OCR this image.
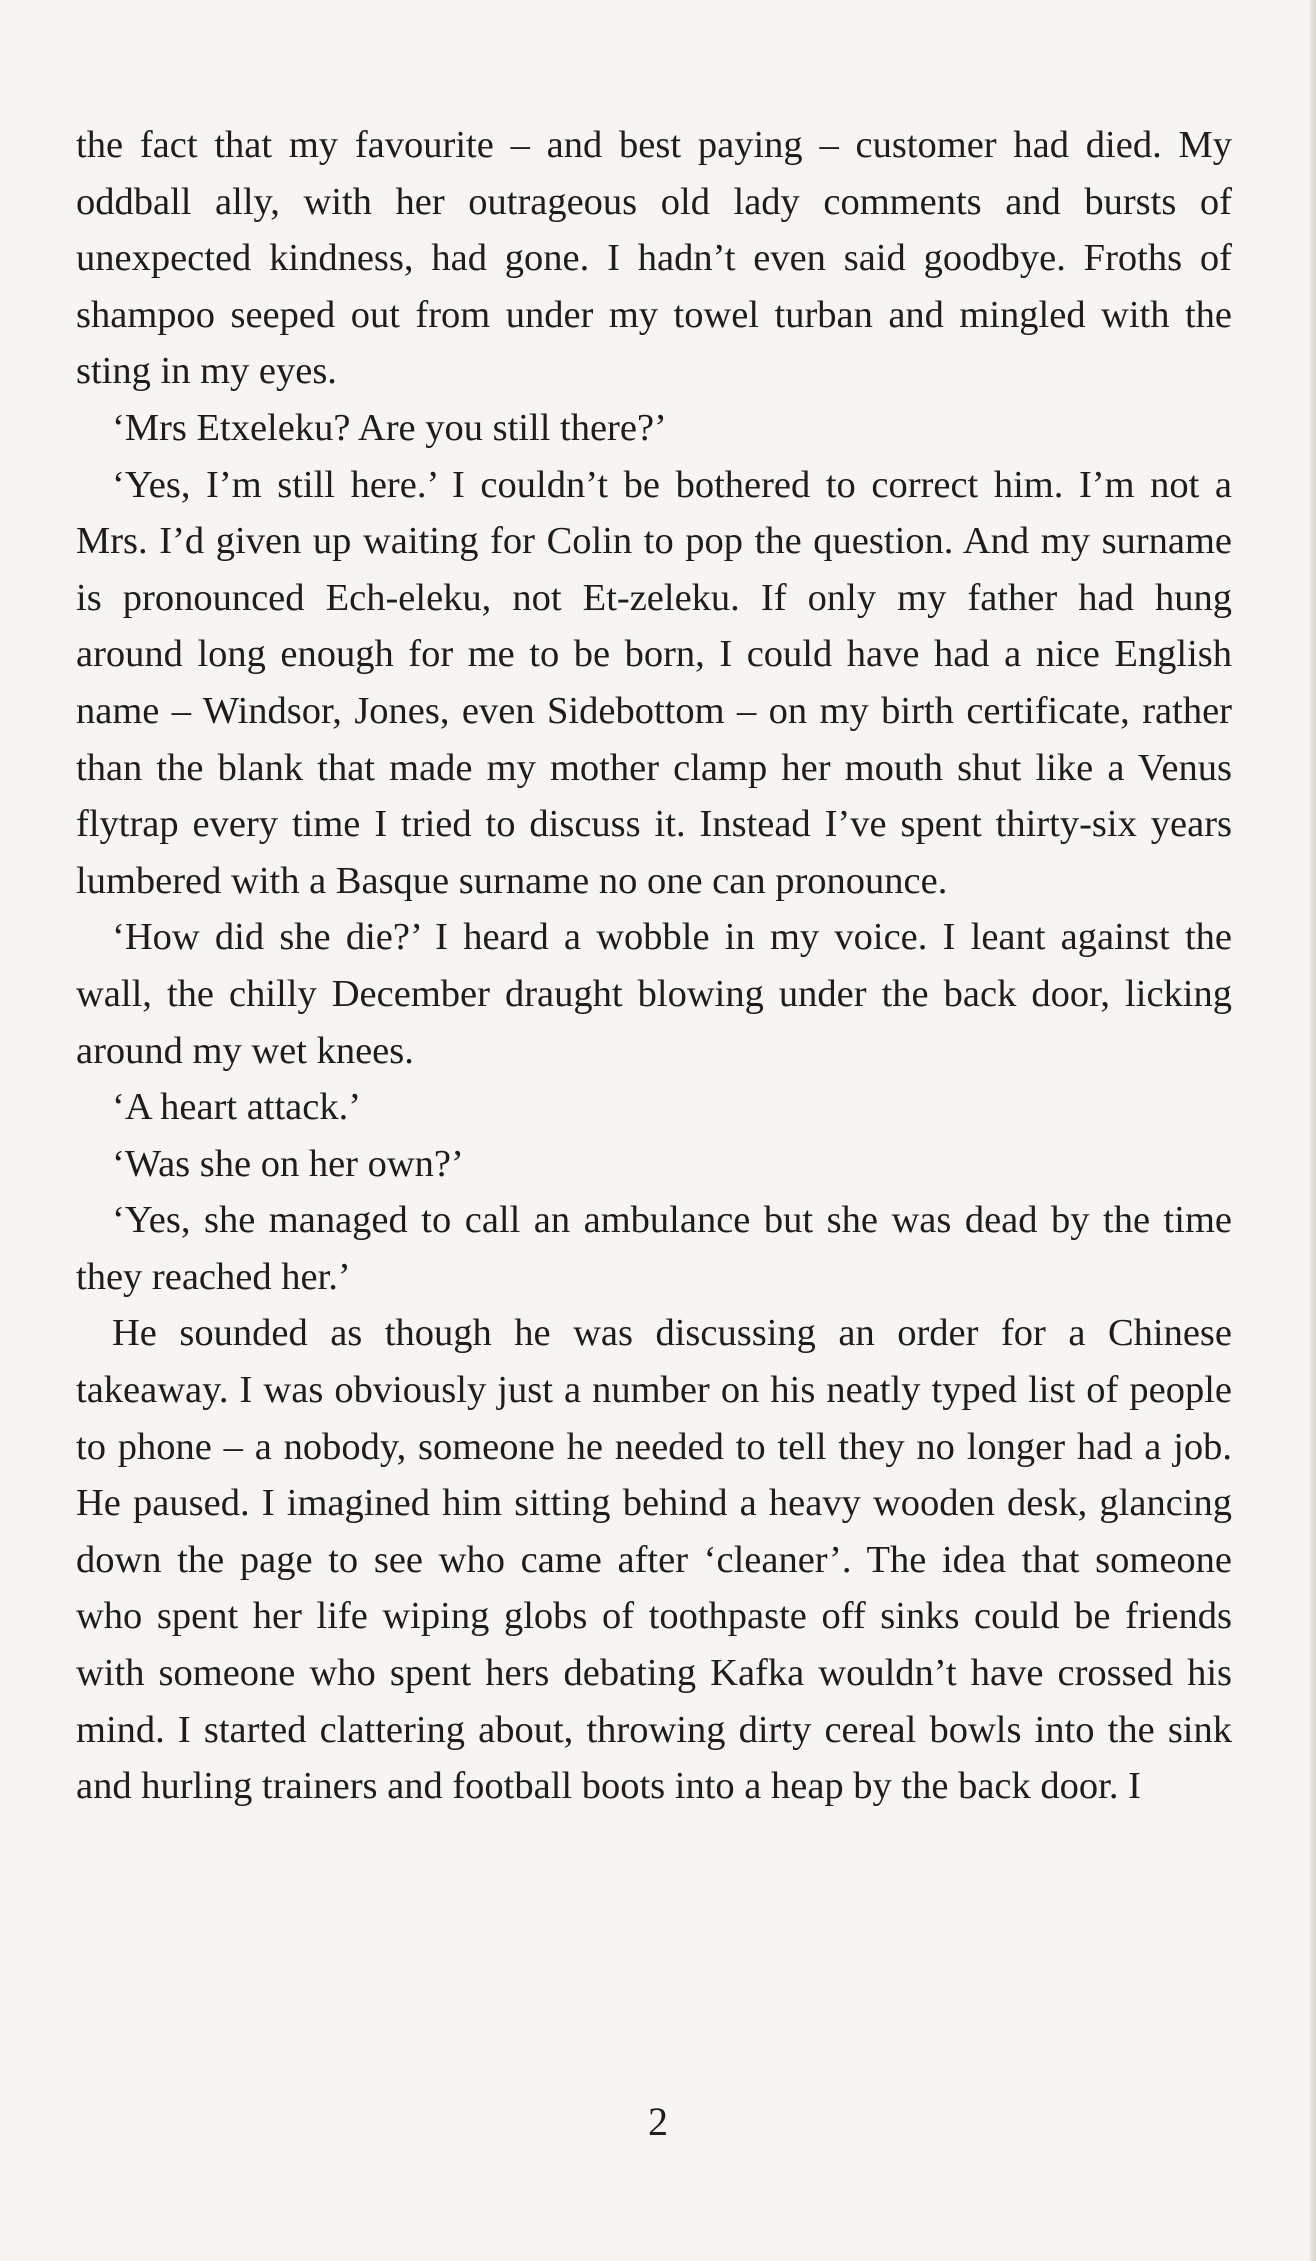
the fact that my favourite – and best paying – customer had died. My oddball ally, with her outrageous old lady comments and bursts of unexpected kindness, had gone. I hadn’t even said goodbye. Froths of shampoo seeped out from under my towel turban and mingled with the sting in my eyes.

‘Mrs Etxeleku? Are you still there?’

‘Yes, I’m still here.’ I couldn’t be bothered to correct him. I’m not a Mrs. I’d given up waiting for Colin to pop the question. And my surname is pronounced Ech-eleku, not Et-zeleku. If only my father had hung around long enough for me to be born, I could have had a nice English name – Windsor, Jones, even Sidebottom – on my birth certificate, rather than the blank that made my mother clamp her mouth shut like a Venus flytrap every time I tried to discuss it. Instead I’ve spent thirty-six years lumbered with a Basque surname no one can pronounce.

‘How did she die?’ I heard a wobble in my voice. I leant against the wall, the chilly December draught blowing under the back door, licking around my wet knees.

‘A heart attack.’

‘Was she on her own?’

‘Yes, she managed to call an ambulance but she was dead by the time they reached her.’

He sounded as though he was discussing an order for a Chinese takeaway. I was obviously just a number on his neatly typed list of people to phone – a nobody, someone he needed to tell they no longer had a job. He paused. I imagined him sitting behind a heavy wooden desk, glancing down the page to see who came after ‘cleaner’. The idea that someone who spent her life wiping globs of toothpaste off sinks could be friends with someone who spent hers debating Kafka wouldn’t have crossed his mind. I started clattering about, throwing dirty cereal bowls into the sink and hurling trainers and football boots into a heap by the back door. I

2
